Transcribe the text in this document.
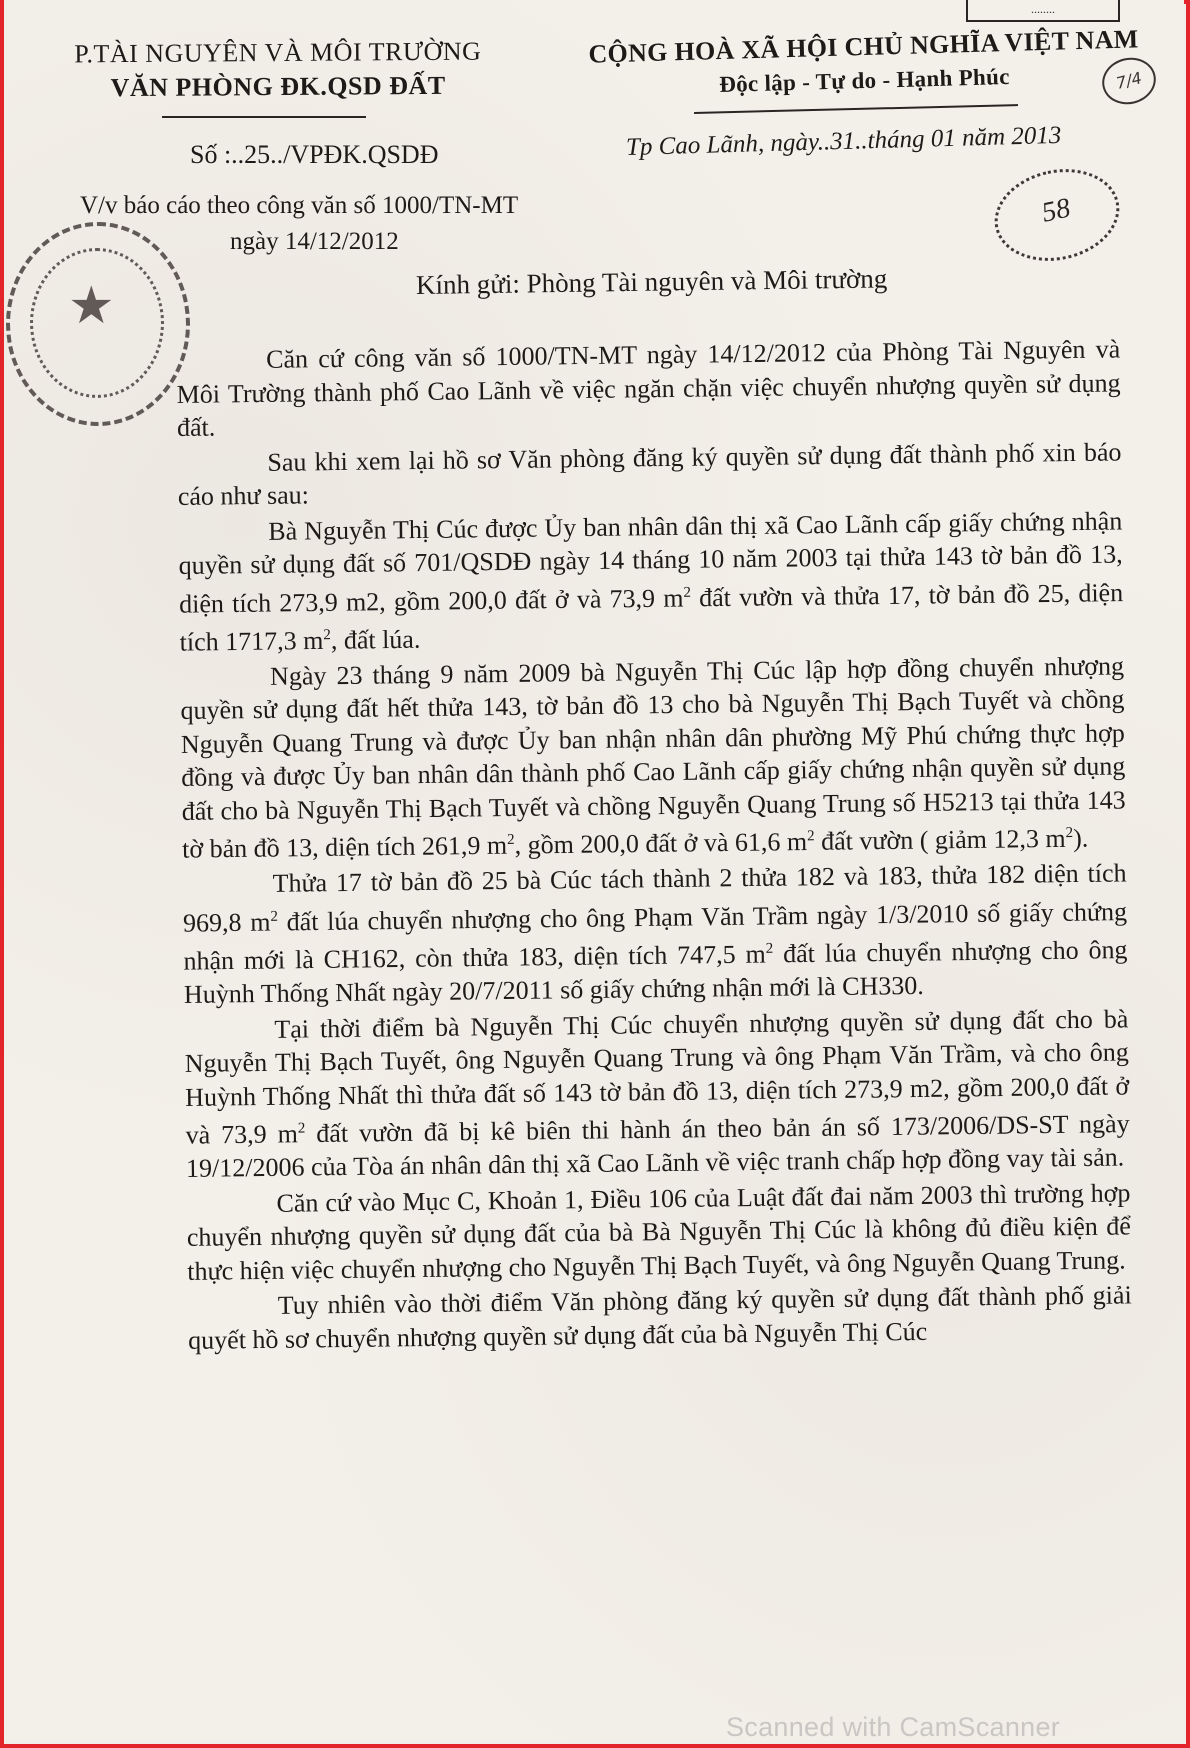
........
P.TÀI NGUYÊN VÀ MÔI TRƯỜNG
VĂN PHÒNG ĐK.QSD ĐẤT
CỘNG HOÀ XÃ HỘI CHỦ NGHĨA VIỆT NAM
Độc lập - Tự do - Hạnh Phúc	7/4
Số :..25../VPĐK.QSDĐ	Tp Cao Lãnh, ngày..31..tháng 01 năm 2013
V/v báo cáo theo công văn số 1000/TN-MT
ngày 14/12/2012
58
★	Kính gửi: Phòng Tài nguyên và Môi trường

Căn cứ công văn số 1000/TN-MT ngày 14/12/2012 của Phòng Tài Nguyên và Môi Trường thành phố Cao Lãnh về việc ngăn chặn việc chuyển nhượng quyền sử dụng đất.

Sau khi xem lại hồ sơ Văn phòng đăng ký quyền sử dụng đất thành phố xin báo cáo như sau:

Bà Nguyễn Thị Cúc được Ủy ban nhân dân thị xã Cao Lãnh cấp giấy chứng nhận quyền sử dụng đất số 701/QSDĐ ngày 14 tháng 10 năm 2003 tại thửa 143 tờ bản đồ 13, diện tích 273,9 m2, gồm 200,0 đất ở và 73,9 $m^2$ đất vườn và thửa 17, tờ bản đồ 25, diện tích 1717,3 $m^2$, đất lúa.

Ngày 23 tháng 9 năm 2009 bà Nguyễn Thị Cúc lập hợp đồng chuyển nhượng quyền sử dụng đất hết thửa 143, tờ bản đồ 13 cho bà Nguyễn Thị Bạch Tuyết và chồng Nguyễn Quang Trung và được Ủy ban nhận nhân dân phường Mỹ Phú chứng thực hợp đồng và được Ủy ban nhân dân thành phố Cao Lãnh cấp giấy chứng nhận quyền sử dụng đất cho bà Nguyễn Thị Bạch Tuyết và chồng Nguyễn Quang Trung số H5213 tại thửa 143 tờ bản đồ 13, diện tích 261,9 $m^2$, gồm 200,0 đất ở và 61,6 $m^2$ đất vườn ( giảm 12,3 $m^2$).

Thửa 17 tờ bản đồ 25 bà Cúc tách thành 2 thửa 182 và 183, thửa 182 diện tích 969,8 $m^2$ đất lúa chuyển nhượng cho ông Phạm Văn Trầm ngày 1/3/2010 số giấy chứng nhận mới là CH162, còn thửa 183, diện tích 747,5 $m^2$ đất lúa chuyển nhượng cho ông Huỳnh Thống Nhất ngày 20/7/2011 số giấy chứng nhận mới là CH330.

Tại thời điểm bà Nguyễn Thị Cúc chuyển nhượng quyền sử dụng đất cho bà Nguyễn Thị Bạch Tuyết, ông Nguyễn Quang Trung và ông Phạm Văn Trầm, và cho ông Huỳnh Thống Nhất thì thửa đất số 143 tờ bản đồ 13, diện tích 273,9 m2, gồm 200,0 đất ở và 73,9 $m^2$ đất vườn đã bị kê biên thi hành án theo bản án số 173/2006/DS-ST ngày 19/12/2006 của Tòa án nhân dân thị xã Cao Lãnh về việc tranh chấp hợp đồng vay tài sản.

Căn cứ vào Mục C, Khoản 1, Điều 106 của Luật đất đai năm 2003 thì trường hợp chuyển nhượng quyền sử dụng đất của bà Bà Nguyễn Thị Cúc là không đủ điều kiện để thực hiện việc chuyển nhượng cho Nguyễn Thị Bạch Tuyết, và ông Nguyễn Quang Trung.

Tuy nhiên vào thời điểm Văn phòng đăng ký quyền sử dụng đất thành phố giải quyết hồ sơ chuyển nhượng quyền sử dụng đất của bà Nguyễn Thị Cúc

Scanned with CamScanner
